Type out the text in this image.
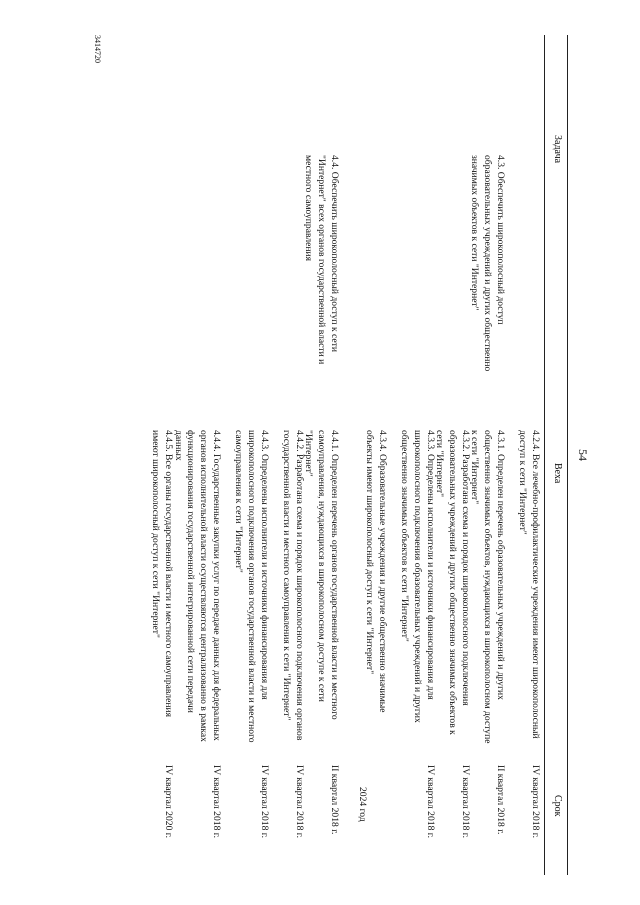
54
Задача
Веха
Срок
4.2.4. Все лечебно-профилактические учреждения имеют широкополосный доступ к сети "Интернет"
IV квартал 2018 г.
4.3. Обеспечить широкополосный доступ образовательных учреждений и других общественно значимых объектов к сети "Интернет"
4.3.1. Определен перечень образовательных учреждений и других общественно значимых объектов, нуждающихся в широкополосном доступе к сети "Интернет"
II квартал 2018 г.
4.3.2. Разработана схема и порядок широкополосного подключения образовательных учреждений и других общественно значимых объектов к сети "Интернет"
IV квартал 2018 г.
4.3.3. Определены исполнители и источники финансирования для широкополосного подключения образовательных учреждений и других общественно значимых объектов к сети "Интернет"
IV квартал 2018 г.
4.3.4. Образовательные учреждения и другие общественно значимые объекты имеют широкополосный доступ к сети "Интернет"
2024 год
4.4. Обеспечить широкополосный доступ к сети "Интернет" всех органов государственной власти и местного самоуправления
4.4.1. Определен перечень органов государственной власти и местного самоуправления, нуждающихся в широкополосном доступе к сети "Интернет"
II квартал 2018 г.
4.4.2. Разработана схема и порядок широкополосного подключения органов государственной власти и местного самоуправления к сети "Интернет"
IV квартал 2018 г.
4.4.3. Определены исполнители и источники финансирования для широкополосного подключения органов государственной власти и местного самоуправления к сети "Интернет"
IV квартал 2018 г.
4.4.4. Государственные закупки услуг по передаче данных для федеральных органов исполнительной власти осуществляются централизованно в рамках функционирования государственной интегрированной сети передачи данных
IV квартал 2018 г.
4.4.5. Все органы государственной власти и местного самоуправления имеют широкополосный доступ к сети "Интернет"
IV квартал 2020 г.
3414720
